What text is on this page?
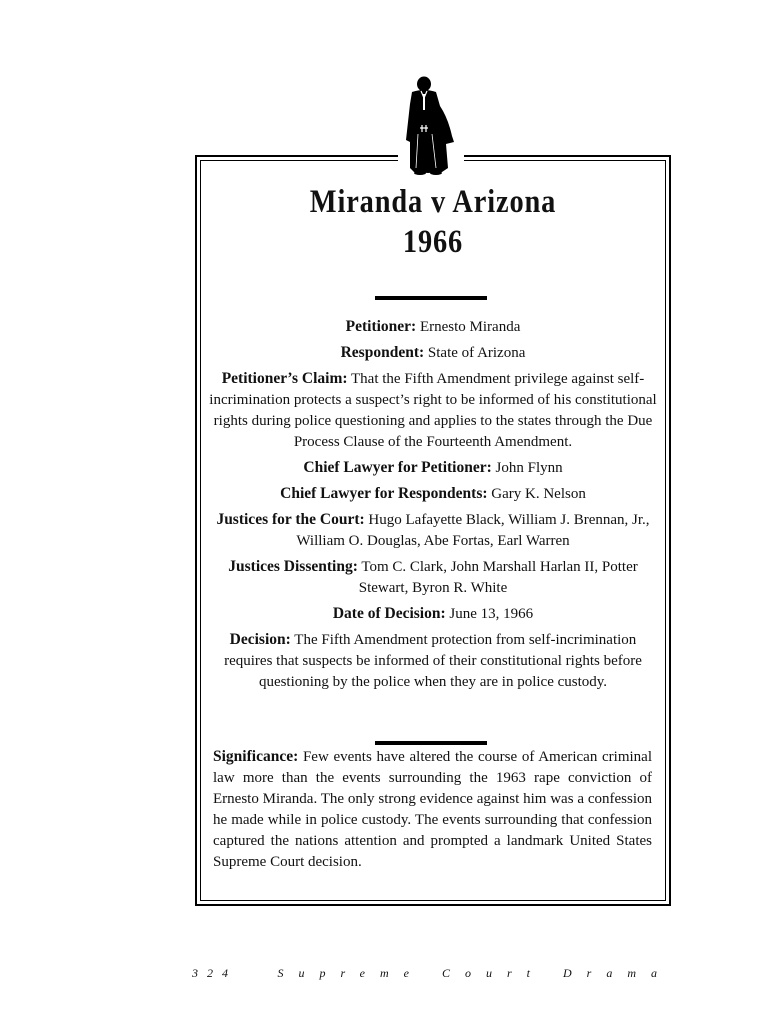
Miranda v Arizona
1966
Petitioner: Ernesto Miranda
Respondent: State of Arizona
Petitioner’s Claim: That the Fifth Amendment privilege against self-incrimination protects a suspect’s right to be informed of his constitutional rights during police questioning and applies to the states through the Due Process Clause of the Fourteenth Amendment.
Chief Lawyer for Petitioner: John Flynn
Chief Lawyer for Respondents: Gary K. Nelson
Justices for the Court: Hugo Lafayette Black, William J. Brennan, Jr., William O. Douglas, Abe Fortas, Earl Warren
Justices Dissenting: Tom C. Clark, John Marshall Harlan II, Potter Stewart, Byron R. White
Date of Decision: June 13, 1966
Decision: The Fifth Amendment protection from self-incrimination requires that suspects be informed of their constitutional rights before questioning by the police when they are in police custody.
Significance: Few events have altered the course of American criminal law more than the events surrounding the 1963 rape conviction of Ernesto Miranda. The only strong evidence against him was a confession he made while in police custody. The events surrounding that confession captured the nations attention and prompted a landmark United States Supreme Court decision.
324	Supreme Court Drama
